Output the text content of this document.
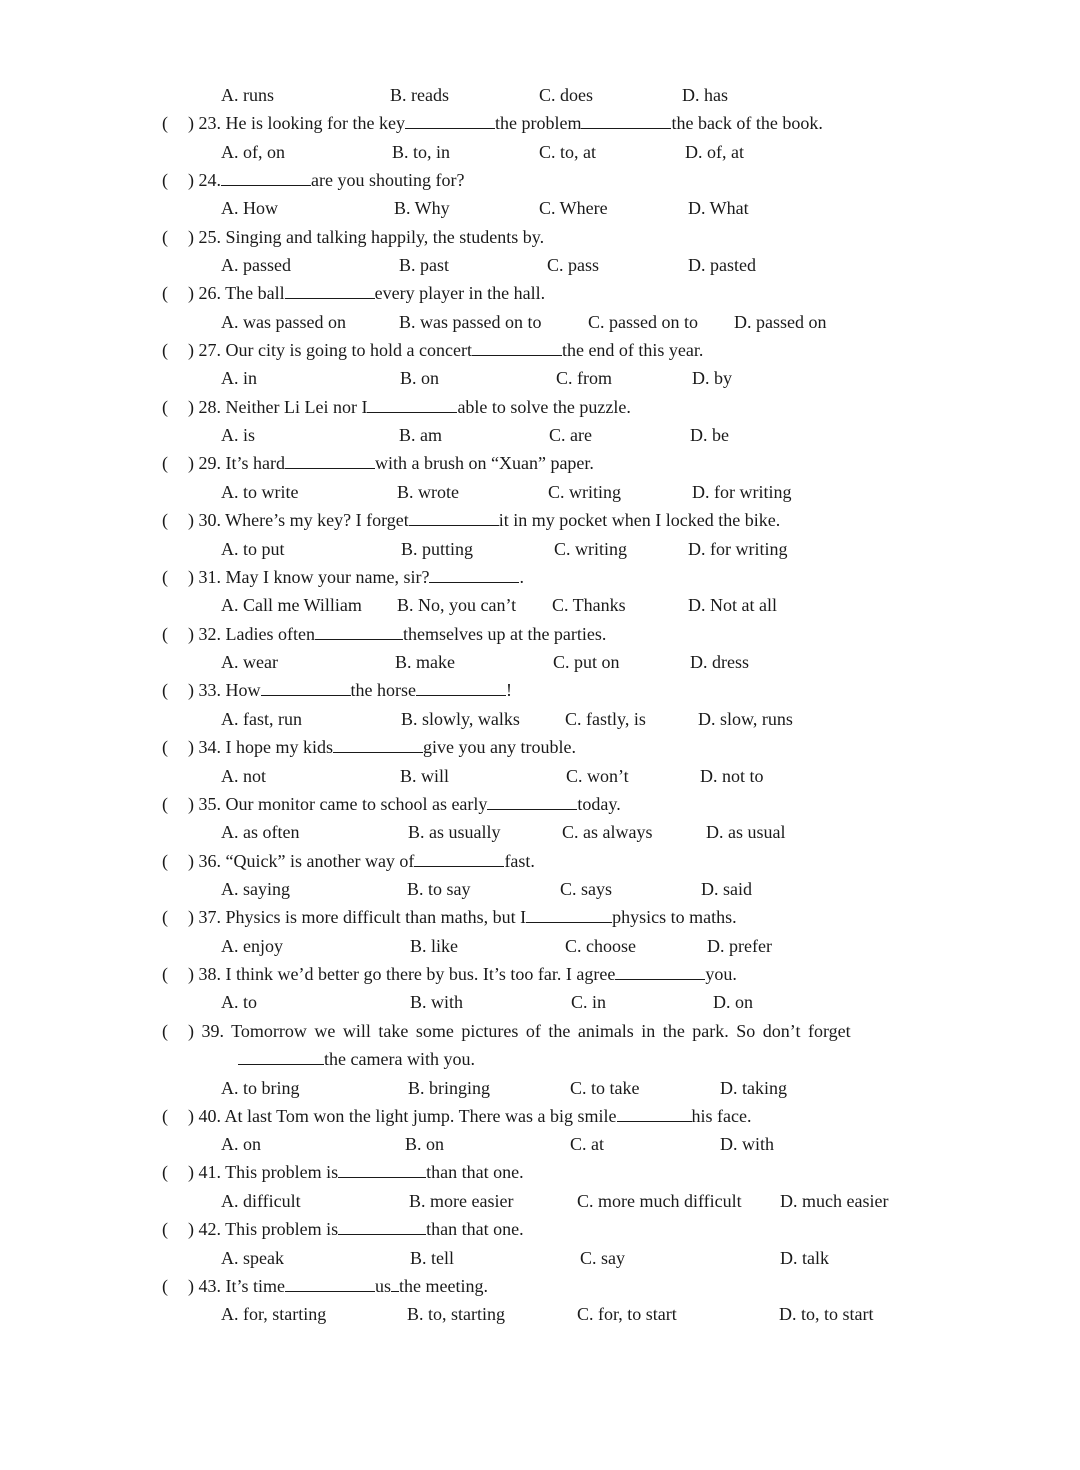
A. runs	B. reads	C. does	D. has
( ) 23. He is looking for the key	the problem	the back of the book.
A. of, on	B. to, in	C. to, at	D. of, at
( ) 24.	are you shouting for?
A. How	B. Why	C. Where	D. What
( ) 25. Singing and talking happily, the students by.
A. passed	B. past	C. pass	D. pasted
( ) 26. The ball	every player in the hall.
A. was passed on	B. was passed on to	C. passed on to D. passed on
( ) 27. Our city is going to hold a concert	the end of this year.
A. in	B. on	C. from	D. by
( ) 28. Neither Li Lei nor I	able to solve the puzzle.
A. is	B. am	C. are	D. be
( ) 29. It’s hard	with a brush on “Xuan” paper.
A. to write	B. wrote	C. writing	D. for writing
( ) 30. Where’s my key? I forget	it in my pocket when I locked the bike.
A. to put	B. putting	C. writing	D. for writing
( ) 31. May I know your name, sir?	.
A. Call me William B. No, you can’t C. Thanks	D. Not at all
( ) 32. Ladies often	themselves up at the parties.
A. wear	B. make	C. put on	D. dress
( ) 33. How	the horse	!
A. fast, run	B. slowly, walks	C. fastly, is	D. slow, runs
( ) 34. I hope my kids	give you any trouble.
A. not	B. will	C. won’t	D. not to
( ) 35. Our monitor came to school as early	today.
A. as often	B. as usually	C. as always	D. as usual
( ) 36. “Quick” is another way of	fast.
A. saying	B. to say	C. says	D. said
( ) 37. Physics is more difficult than maths, but I	physics to maths.
A. enjoy	B. like	C. choose	D. prefer
( ) 38. I think we’d better go there by bus. It’s too far. I agree	you.
A. to	B. with	C. in	D. on
( ) 39. Tomorrow we will take some pictures of the animals in the park. So don’t forget
the camera with you.
A. to bring	B. bringing	C. to take	D. taking
( ) 40. At last Tom won the light jump. There was a big smile	his face.
A. on	B. on	C. at	D. with
( ) 41. This problem is	than that one.
A. difficult	B. more easier	C. more much difficult D. much easier
( ) 42. This problem is	than that one.
A. speak	B. tell	C. say	D. talk
( ) 43. It’s time	us the meeting.
A. for, starting	B. to, starting	C. for, to start	D. to, to start
